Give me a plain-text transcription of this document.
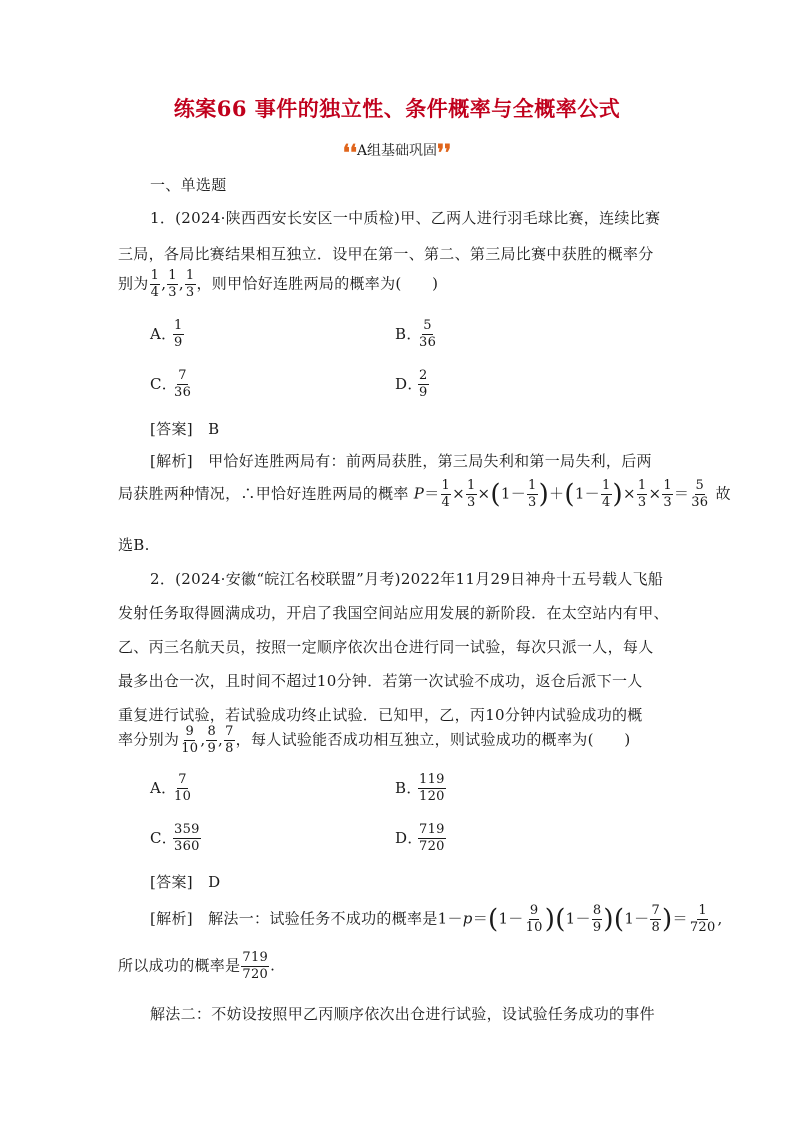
练案66 事件的独立性、条件概率与全概率公式
❛❛A组基础巩固❜❜
一、单选题
1．(2024·陕西西安长安区一中质检)甲、乙两人进行羽毛球比赛，连续比赛
三局，各局比赛结果相互独立．设甲在第一、第二、第三局比赛中获胜的概率分
别为 $\frac{1}{4}$ , $\frac{1}{3}$ , $\frac{1}{3}$ ，则甲恰好连胜两局的概率为(　　)
A．
$\frac{1}{9}$	B．
$\frac{5}{36}$
C．
$\frac{7}{36}$	D．
$\frac{2}{9}$
[答案] B
[解析] 甲恰好连胜两局有：前两局获胜，第三局失利和第一局失利，后两
局获胜两种情况，∴甲恰好连胜两局的概率 $P= \frac{1}{4} \times \frac{1}{3} \times(1- \frac{1}{3} )+(1- \frac{1}{4}$ )× $\frac{1}{3} \times \frac{1}{3} = \frac{5}{36}$ 故
选B.
2．(2024·安徽“皖江名校联盟”月考)2022年11月29日神舟十五号载人飞船
发射任务取得圆满成功，开启了我国空间站应用发展的新阶段．在太空站内有甲、
乙、丙三名航天员，按照一定顺序依次出仓进行同一试验，每次只派一人，每人
最多出仓一次，且时间不超过10分钟．若第一次试验不成功，返仓后派下一人
重复进行试验，若试验成功终止试验．已知甲，乙，丙10分钟内试验成功的概
率分别为 $\frac{9}{10}$ , $\frac{8}{9}$ , $\frac{7}{8}$ ，每人试验能否成功相互独立，则试验成功的概率为(　　)
A．
$\frac{7}{10}$	B．
$\frac{119}{120}$
C．
$\frac{359}{360}$	D．
$\frac{719}{720}$
[答案] D
[解析] 解法一：试验任务不成功的概率是$1-p=(1- \frac{9}{10} )(1- \frac{8}{9} )(1- \frac{7}{8}$ )＝ $\frac{1}{720}$ ,
所以成功的概率是 $\frac{719}{720}$ .
解法二：不妨设按照甲乙丙顺序依次出仓进行试验，设试验任务成功的事件
